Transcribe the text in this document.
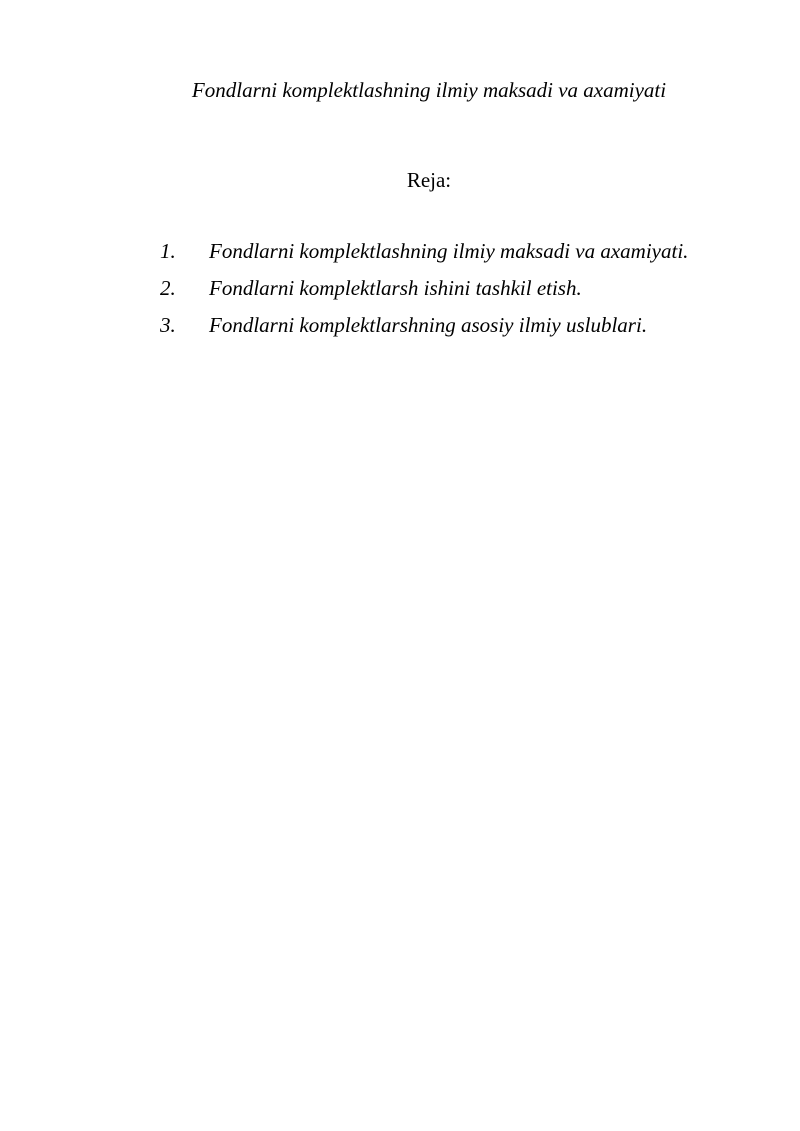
Fondlarni komplektlashning ilmiy maksadi va axamiyati
Reja:
1.	Fondlarni komplektlashning ilmiy maksadi va axamiyati.
2.	Fondlarni komplektlarsh ishini tashkil etish.
3.	Fondlarni komplektlarshning asosiy ilmiy uslublari.
